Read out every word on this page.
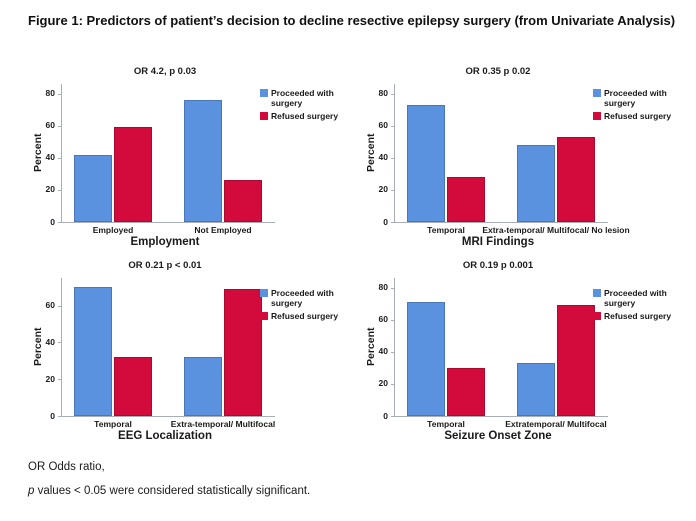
Figure 1: Predictors of patient’s decision to decline resective epilepsy surgery (from Univariate Analysis)
OR 4.2, p 0.03
Percent
0
20
40
60
80
Employed	Not Employed
Employment
Proceeded with surgery
Refused surgery
OR 0.35 p 0.02
Percent
0
20
40
60
80
Temporal	Extra-temporal/ Multifocal/ No lesion
MRI Findings
Proceeded with surgery
Refused surgery
OR 0.21 p < 0.01
Percent
0
20
40
60
Temporal	Extra-temporal/ Multifocal
EEG Localization
Proceeded with surgery
Refused surgery
OR 0.19 p 0.001
Percent
0
20
40
60
80
Temporal	Extratemporal/ Multifocal
Seizure Onset Zone
Proceeded with surgery
Refused surgery
OR Odds ratio,
p values < 0.05 were considered statistically significant.
